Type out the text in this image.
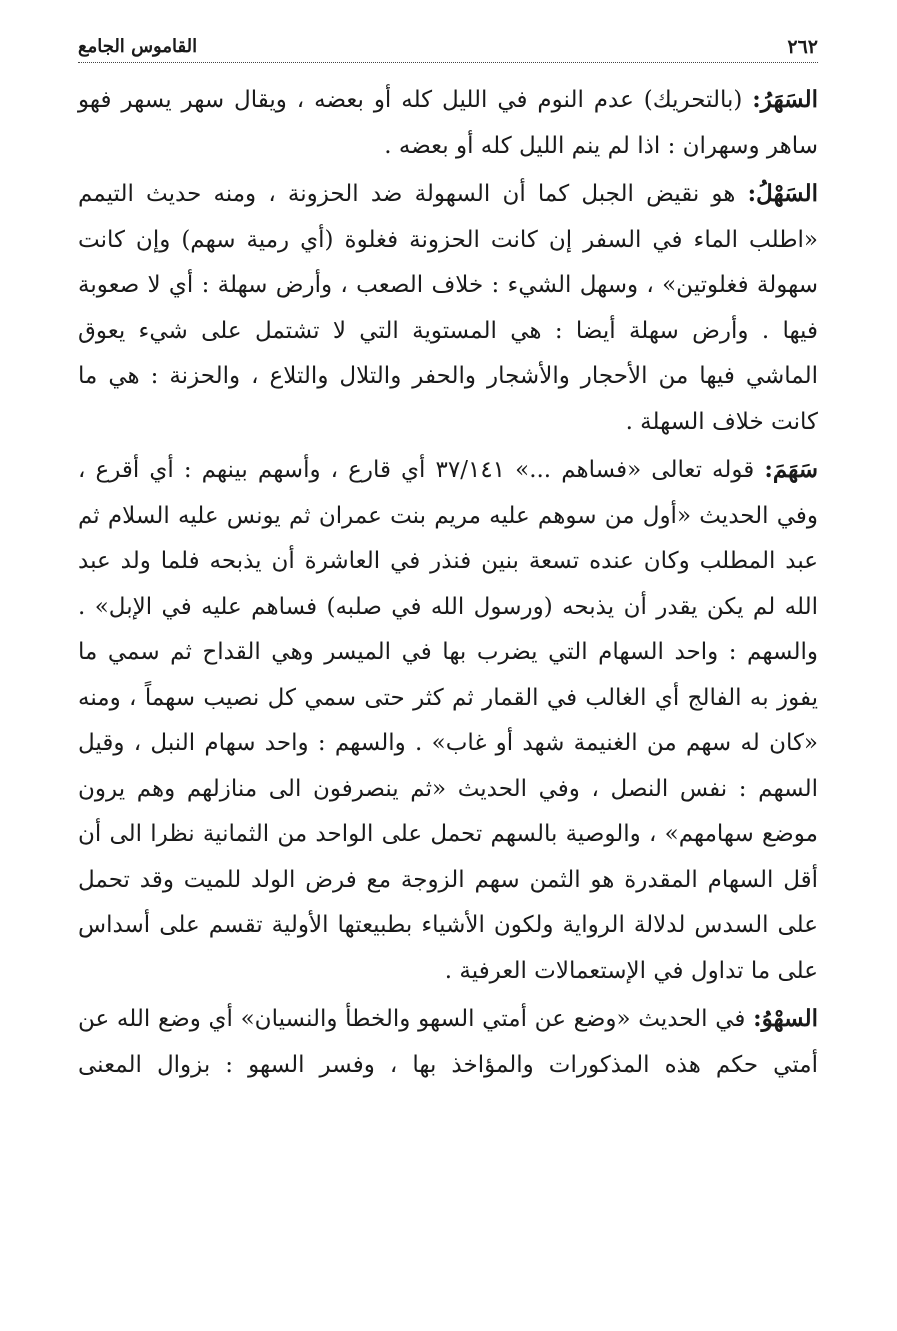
٢٦٢
القاموس الجامع

السَهَرُ: (بالتحريك) عدم النوم في الليل كله أو بعضه ، ويقال سهر يسهر فهو ساهر وسهران : اذا لم ينم الليل كله أو بعضه .

السَهْلُ: هو نقيض الجبل كما أن السهولة ضد الحزونة ، ومنه حديث التيمم «اطلب الماء في السفر إن كانت الحزونة فغلوة (أي رمية سهم) وإن كانت سهولة فغلوتين» ، وسهل الشيء : خلاف الصعب ، وأرض سهلة : أي لا صعوبة فيها . وأرض سهلة أيضا : هي المستوية التي لا تشتمل على شيء يعوق الماشي فيها من الأحجار والأشجار والحفر والتلال والتلاع ، والحزنة : هي ما كانت خلاف السهلة .

سَهَمَ: قوله تعالى «فساهم ...» ٣٧/١٤١ أي قارع ، وأسهم بينهم : أي أقرع ، وفي الحديث «أول من سوهم عليه مريم بنت عمران ثم يونس عليه السلام ثم عبد المطلب وكان عنده تسعة بنين فنذر في العاشرة أن يذبحه فلما ولد عبد الله لم يكن يقدر أن يذبحه (ورسول الله في صلبه) فساهم عليه في الإبل» . والسهم : واحد السهام التي يضرب بها في الميسر وهي القداح ثم سمي ما يفوز به الفالج أي الغالب في القمار ثم كثر حتى سمي كل نصيب سهماً ، ومنه «كان له سهم من الغنيمة شهد أو غاب» . والسهم : واحد سهام النبل ، وقيل السهم : نفس النصل ، وفي الحديث «ثم ينصرفون الى منازلهم وهم يرون موضع سهامهم» ، والوصية بالسهم تحمل على الواحد من الثمانية نظرا الى أن أقل السهام المقدرة هو الثمن سهم الزوجة مع فرض الولد للميت وقد تحمل على السدس لدلالة الرواية ولكون الأشياء بطبيعتها الأولية تقسم على أسداس على ما تداول في الإستعمالات العرفية .

السهْوُ: في الحديث «وضع عن أمتي السهو والخطأ والنسيان» أي وضع الله عن أمتي حكم هذه المذكورات والمؤاخذ بها ، وفسر السهو : بزوال المعنى
